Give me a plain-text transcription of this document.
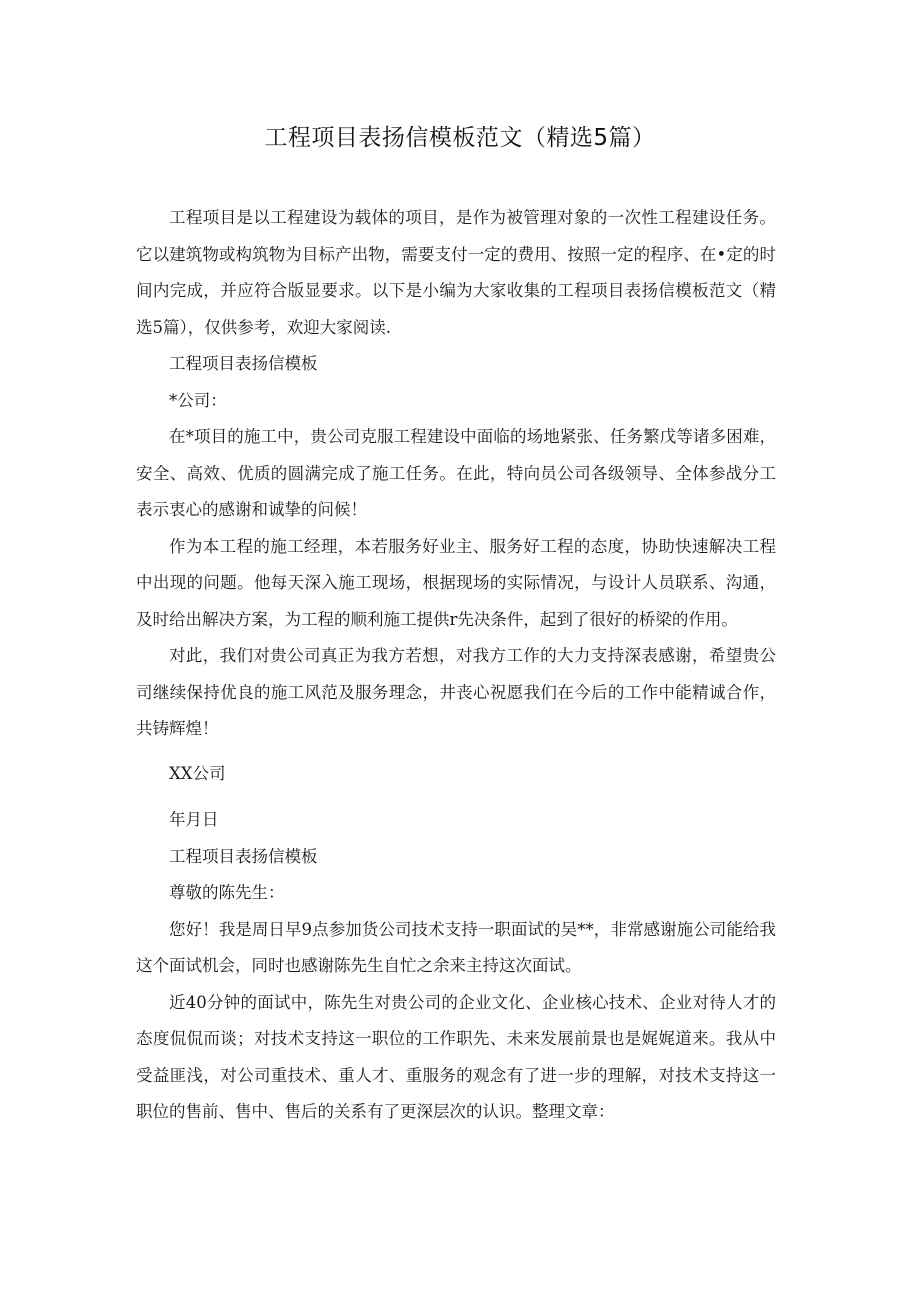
工程项目表扬信模板范文（精选5篇）

工程项目是以工程建设为载体的项目，是作为被管理对象的一次性工程建设任务。它以建筑物或构筑物为目标产出物，需要支付一定的费用、按照一定的程序、在•定的时间内完成，并应符合版显要求。以下是小编为大家收集的工程项目表扬信模板范文（精选5篇），仅供参考，欢迎大家阅读.

工程项目表扬信模板

*公司：

在*项目的施工中，贵公司克服工程建设中面临的场地紧张、任务繁戊等诸多困难，安全、高效、优质的圆满完成了施工任务。在此，特向员公司各级领导、全体参战分工表示衷心的感谢和诚挚的问候！

作为本工程的施工经理，本若服务好业主、服务好工程的态度，协助快速解决工程中出现的问题。他每天深入施工现场，根据现场的实际情况，与设计人员联系、沟通，及时给出解决方案，为工程的顺利施工提供r先决条件，起到了很好的桥梁的作用。

对此，我们对贵公司真正为我方若想，对我方工作的大力支持深表感谢，希望贵公司继续保持优良的施工风范及服务理念，井丧心祝愿我们在今后的工作中能精诚合作，共铸辉煌！

XX公司

年月日

工程项目表扬信模板

尊敬的陈先生：

您好！我是周日早9点参加货公司技术支持一职面试的吴**，非常感谢施公司能给我这个面试机会，同时也感谢陈先生自忙之余来主持这次面试。

近40分钟的面试中，陈先生对贵公司的企业文化、企业核心技术、企业对待人才的态度侃侃而谈；对技术支持这一职位的工作职先、未来发展前景也是娓娓道来。我从中受益匪浅，对公司重技术、重人才、重服务的观念有了进一步的理解，对技术支持这一职位的售前、售中、售后的关系有了更深层次的认识。整理文章：
